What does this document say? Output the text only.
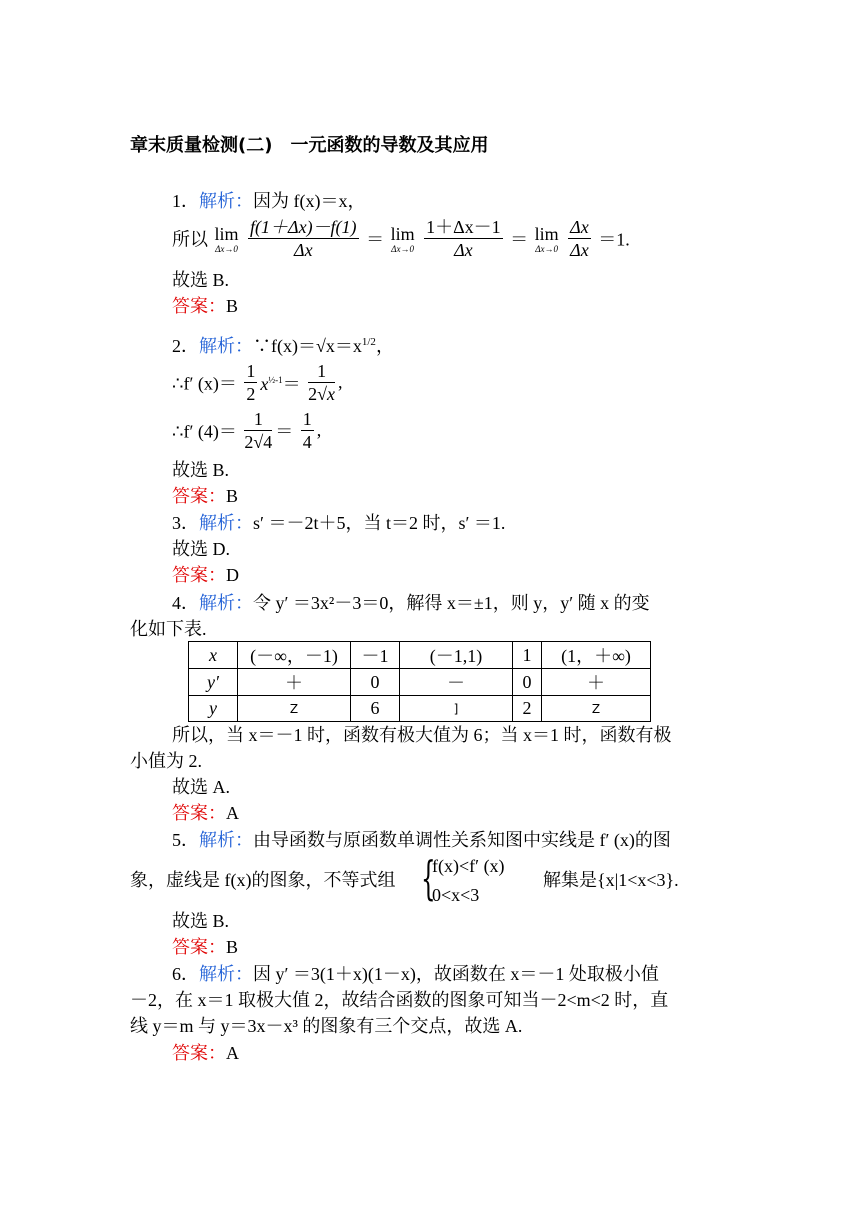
章末质量检测(二)　一元函数的导数及其应用
1．解析：因为 f(x)＝x，
所以 lim
Δx→0
$\frac{f(1+\Delta x)-f(1)}{\Delta x} = \lim$
Δx→0
$\frac{1+\Delta x-1}{\Delta x} = \lim$
Δx→0
$\frac{\Delta x}{\Delta x} =1$.
故选 B.
答案：B
2．解析：$\because f(x)=√x=x^{1/2}$，
∴f′ $(x)= \frac{1}{2} x^{\frac{1}{2}-1}= \frac{1}{2√x}$ ,
∴f′ $(4)= \frac{1}{2√4} = \frac{1}{4}$ ,
故选 B.
答案：B
3．解析：s′ ＝－2t＋5，当 t＝2 时，s′ ＝1.
故选 D.
答案：D
4．解析：令 y′ ＝3x²－3＝0，解得 x＝±1，则 y，y′ 随 x 的变
化如下表.
x	(－∞，－1)	－1	(－1,1)	1	(1，＋∞)
y′	＋	0	－	0	＋
y	Z	6	]	2	Z
所以，当 x＝－1 时，函数有极大值为 6；当 x＝1 时，函数有极
小值为 2.
故选 A.
答案：A
5．解析：由导函数与原函数单调性关系知图中实线是 f′ (x)的图
象，虚线是 f(x)的图象，不等式组 {
f(x)<f′ (x)
0<x<3
解集是{x|1<x<3}.
故选 B.
答案：B
6．解析：因 y′ ＝3(1＋x)(1－x)，故函数在 x＝－1 处取极小值
－2，在 x＝1 取极大值 2，故结合函数的图象可知当－2<m<2 时，直
线 y＝m 与 y＝3x－x³ 的图象有三个交点，故选 A.
答案：A
